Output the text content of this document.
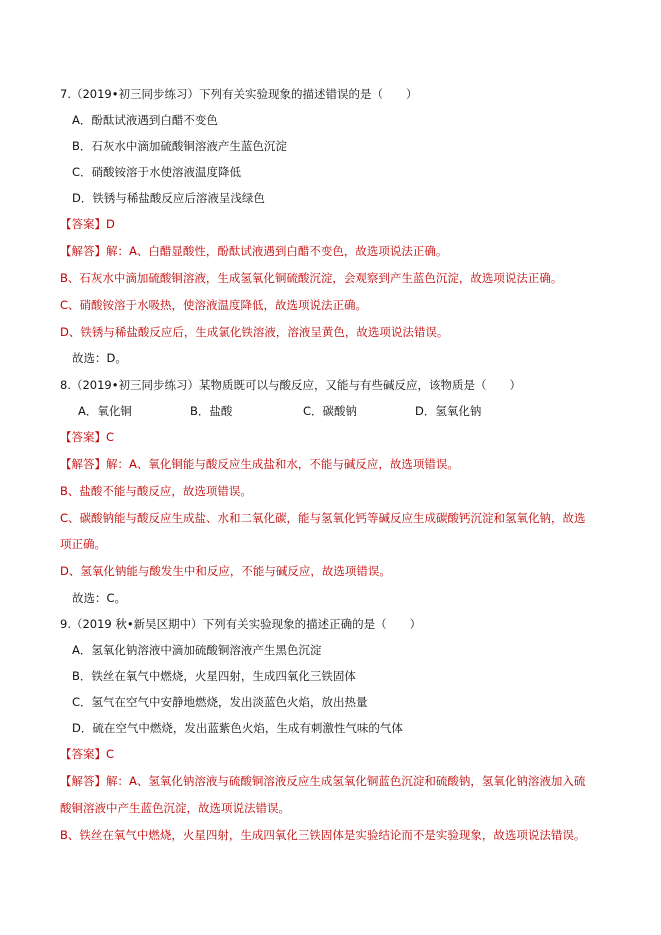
7.（2019•初三同步练习）下列有关实验现象的描述错误的是（　　）
A．酚酞试液遇到白醋不变色
B．石灰水中滴加硫酸铜溶液产生蓝色沉淀
C．硝酸铵溶于水使溶液温度降低
D．铁锈与稀盐酸反应后溶液呈浅绿色
【答案】D
【解答】解：A、白醋显酸性，酚酞试液遇到白醋不变色，故选项说法正确。
B、石灰水中滴加硫酸铜溶液，生成氢氧化铜硫酸沉淀，会观察到产生蓝色沉淀，故选项说法正确。
C、硝酸铵溶于水吸热，使溶液温度降低，故选项说法正确。
D、铁锈与稀盐酸反应后，生成氯化铁溶液，溶液呈黄色，故选项说法错误。
故选：D。
8.（2019•初三同步练习）某物质既可以与酸反应，又能与有些碱反应，该物质是（　　）
A．氧化铜	B．盐酸	C．碳酸钠	D．氢氧化钠
【答案】C
【解答】解：A、氧化铜能与酸反应生成盐和水，不能与碱反应，故选项错误。
B、盐酸不能与酸反应，故选项错误。
C、碳酸钠能与酸反应生成盐、水和二氧化碳，能与氢氧化钙等碱反应生成碳酸钙沉淀和氢氧化钠，故选
项正确。
D、氢氧化钠能与酸发生中和反应，不能与碱反应，故选项错误。
故选：C。
9.（2019 秋•新吴区期中）下列有关实验现象的描述正确的是（　　）
A．氢氧化钠溶液中滴加硫酸铜溶液产生黑色沉淀
B．铁丝在氧气中燃烧，火星四射，生成四氧化三铁固体
C．氢气在空气中安静地燃烧，发出淡蓝色火焰，放出热量
D．硫在空气中燃烧，发出蓝紫色火焰，生成有刺激性气味的气体
【答案】C
【解答】解：A、氢氧化钠溶液与硫酸铜溶液反应生成氢氧化铜蓝色沉淀和硫酸钠，氢氧化钠溶液加入硫
酸铜溶液中产生蓝色沉淀，故选项说法错误。
B、铁丝在氧气中燃烧，火星四射，生成四氧化三铁固体是实验结论而不是实验现象，故选项说法错误。
